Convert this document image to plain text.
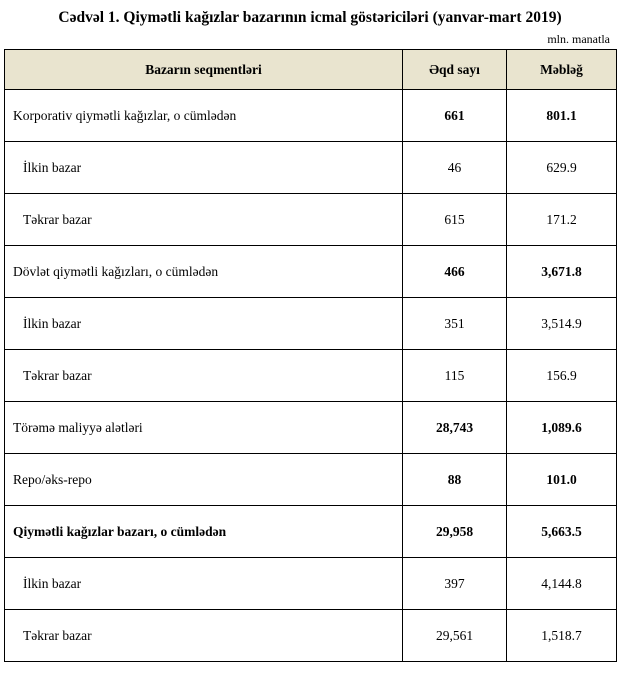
Cədvəl 1. Qiymətli kağızlar bazarının icmal göstəriciləri (yanvar-mart 2019)
mln. manatla
Bazarın seqmentləri	Əqd sayı	Məbləğ
Korporativ qiymətli kağızlar, o cümlədən	661	801.1
İlkin bazar	46	629.9
Təkrar bazar	615	171.2
Dövlət qiymətli kağızları, o cümlədən	466	3,671.8
İlkin bazar	351	3,514.9
Təkrar bazar	115	156.9
Törəmə maliyyə alətləri	28,743	1,089.6
Repo/əks-repo	88	101.0
Qiymətli kağızlar bazarı, o cümlədən	29,958	5,663.5
İlkin bazar	397	4,144.8
Təkrar bazar	29,561	1,518.7
